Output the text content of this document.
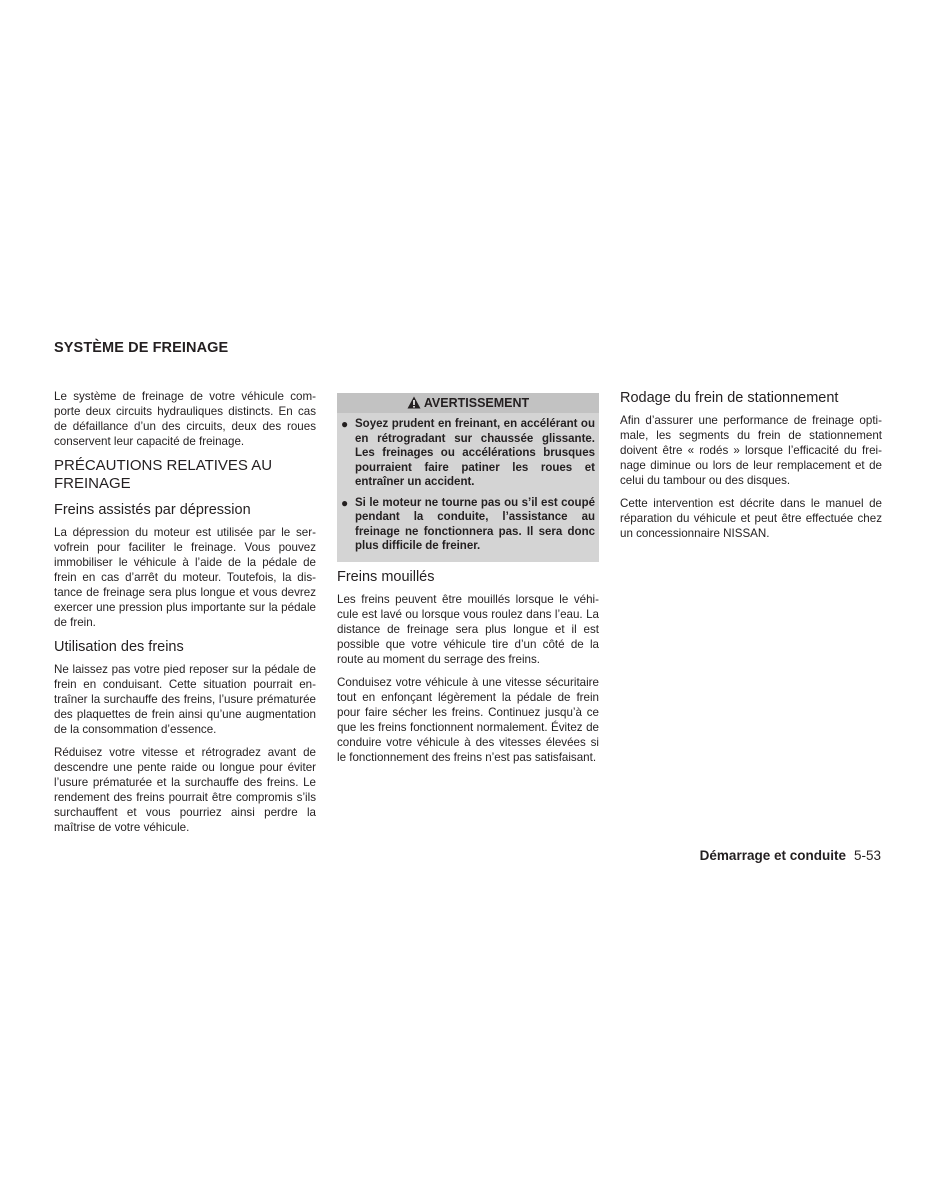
SYSTÈME DE FREINAGE

Le système de freinage de votre véhicule comporte deux circuits hydrauliques distincts. En cas de défaillance d’un des circuits, deux des roues conservent leur capacité de freinage.

PRÉCAUTIONS RELATIVES AU FREINAGE
Freins assistés par dépression

La dépression du moteur est utilisée par le servofrein pour faciliter le freinage. Vous pouvez immobiliser le véhicule à l’aide de la pédale de frein en cas d’arrêt du moteur. Toutefois, la distance de freinage sera plus longue et vous devrez exercer une pression plus importante sur la pédale de frein.

Utilisation des freins

Ne laissez pas votre pied reposer sur la pédale de frein en conduisant. Cette situation pourrait entraîner la surchauffe des freins, l’usure prématurée des plaquettes de frein ainsi qu’une augmentation de la consommation d’essence.

Réduisez votre vitesse et rétrogradez avant de descendre une pente raide ou longue pour éviter l’usure prématurée et la surchauffe des freins. Le rendement des freins pourrait être compromis s’ils surchauffent et vous pourriez ainsi perdre la maîtrise de votre véhicule.

AVERTISSEMENT
● Soyez prudent en freinant, en accélérant ou en rétrogradant sur chaussée glissante. Les freinages ou accélérations brusques pourraient faire patiner les roues et entraîner un accident.
● Si le moteur ne tourne pas ou s’il est coupé pendant la conduite, l’assistance au freinage ne fonctionnera pas. Il sera donc plus difficile de freiner.
Freins mouillés

Les freins peuvent être mouillés lorsque le véhicule est lavé ou lorsque vous roulez dans l’eau. La distance de freinage sera plus longue et il est possible que votre véhicule tire d’un côté de la route au moment du serrage des freins.

Conduisez votre véhicule à une vitesse sécuritaire tout en enfonçant légèrement la pédale de frein pour faire sécher les freins. Continuez jusqu’à ce que les freins fonctionnent normalement. Évitez de conduire votre véhicule à des vitesses élevées si le fonctionnement des freins n’est pas satisfaisant.

Rodage du frein de stationnement

Afin d’assurer une performance de freinage optimale, les segments du frein de stationnement doivent être « rodés » lorsque l’efficacité du freinage diminue ou lors de leur remplacement et de celui du tambour ou des disques.

Cette intervention est décrite dans le manuel de réparation du véhicule et peut être effectuée chez un concessionnaire NISSAN.

Démarrage et conduite 5-53
